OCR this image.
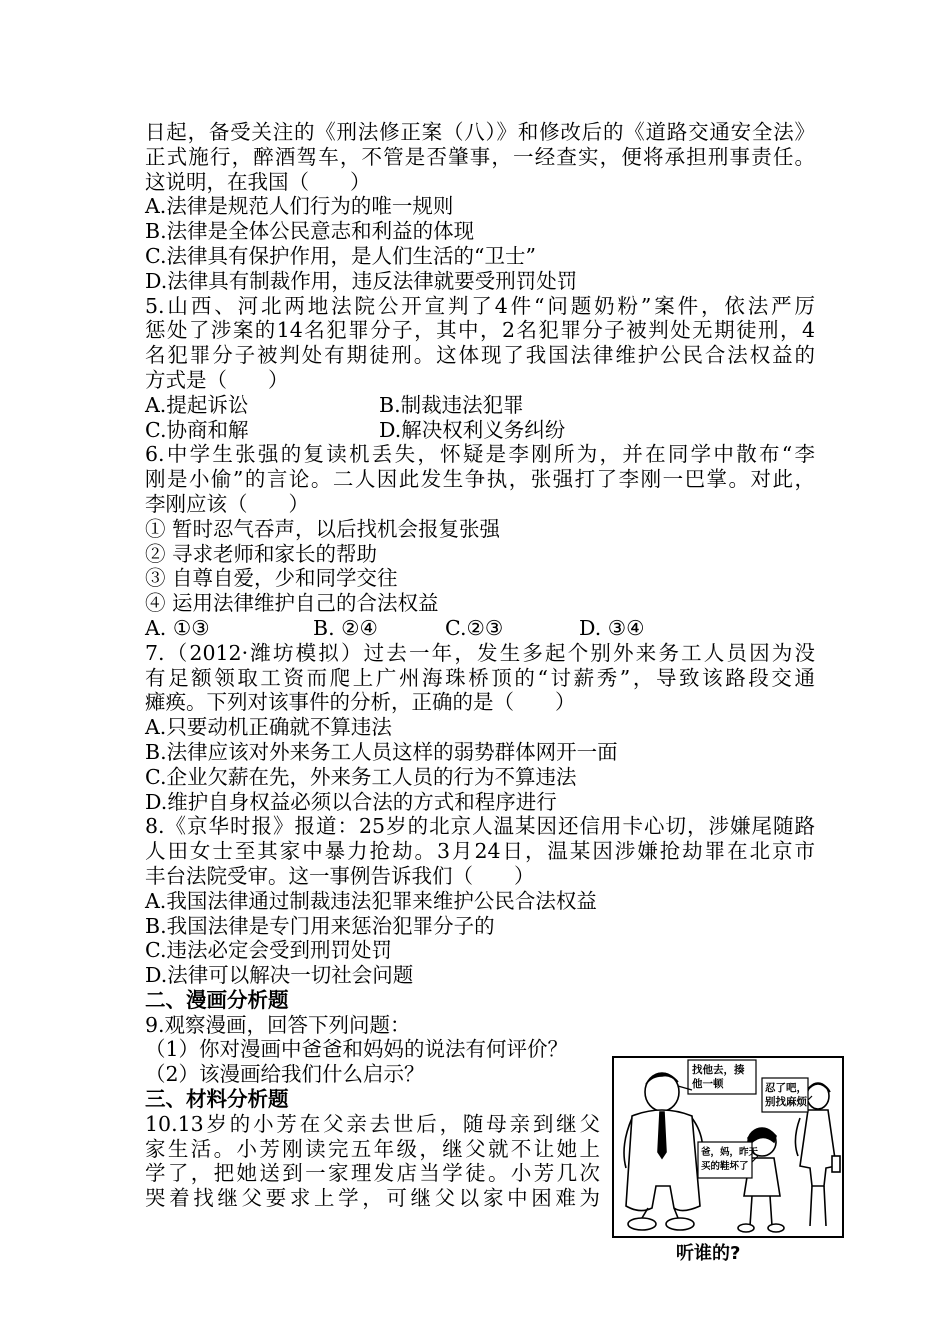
日起，备受关注的《刑法修正案（八）》和修改后的《道路交通安全法》
正式施行，醉酒驾车，不管是否肇事，一经查实，便将承担刑事责任。
这说明，在我国（　　）
A.法律是规范人们行为的唯一规则
B.法律是全体公民意志和利益的体现
C.法律具有保护作用，是人们生活的“卫士”
D.法律具有制裁作用，违反法律就要受刑罚处罚
5.山西、河北两地法院公开宣判了4件“问题奶粉”案件，依法严厉
惩处了涉案的14名犯罪分子，其中，2名犯罪分子被判处无期徒刑，4
名犯罪分子被判处有期徒刑。这体现了我国法律维护公民合法权益的
方式是（　　）
A.提起诉讼	B.制裁违法犯罪
C.协商和解	D.解决权利义务纠纷
6.中学生张强的复读机丢失，怀疑是李刚所为，并在同学中散布“李
刚是小偷”的言论。二人因此发生争执，张强打了李刚一巴掌。对此，
李刚应该（　　）
① 暂时忍气吞声，以后找机会报复张强
② 寻求老师和家长的帮助
③ 自尊自爱，少和同学交往
④ 运用法律维护自己的合法权益
A. ①③	B. ②④	C.②③	D. ③④
7.（2012·潍坊模拟）过去一年，发生多起个别外来务工人员因为没
有足额领取工资而爬上广州海珠桥顶的“讨薪秀”，导致该路段交通
瘫痪。下列对该事件的分析，正确的是（　　）
A.只要动机正确就不算违法
B.法律应该对外来务工人员这样的弱势群体网开一面
C.企业欠薪在先，外来务工人员的行为不算违法
D.维护自身权益必须以合法的方式和程序进行
8.《京华时报》报道：25岁的北京人温某因还信用卡心切，涉嫌尾随路
人田女士至其家中暴力抢劫。3月24日，温某因涉嫌抢劫罪在北京市
丰台法院受审。这一事例告诉我们（　　）
A.我国法律通过制裁违法犯罪来维护公民合法权益
B.我国法律是专门用来惩治犯罪分子的
C.违法必定会受到刑罚处罚
D.法律可以解决一切社会问题
二、漫画分析题
9.观察漫画，回答下列问题：
（1）你对漫画中爸爸和妈妈的说法有何评价？
（2）该漫画给我们什么启示？
三、材料分析题
10.13岁的小芳在父亲去世后，随母亲到继父
家生活。小芳刚读完五年级，继父就不让她上
学了，把她送到一家理发店当学徒。小芳几次
哭着找继父要求上学，可继父以家中困难为
找他去，揍
他一顿	忍了吧，
别找麻烦
爸，妈，昨天
买的鞋坏了
听谁的?
